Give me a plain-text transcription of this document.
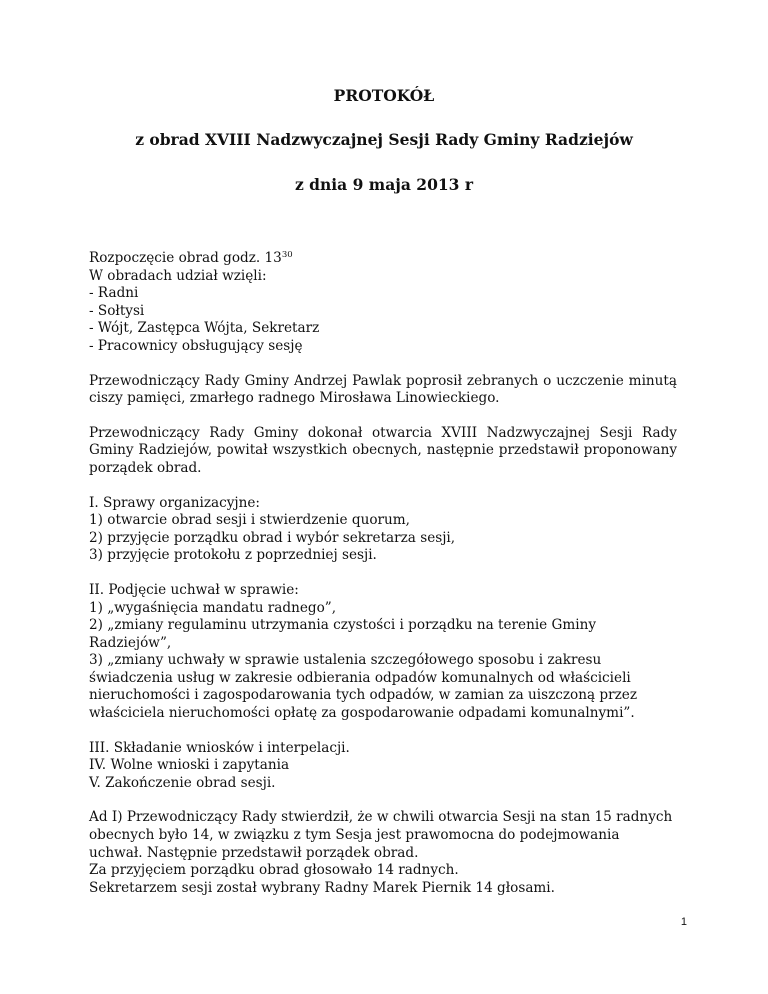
PROTOKÓŁ
z obrad XVIII Nadzwyczajnej Sesji Rady Gminy Radziejów
z dnia 9 maja 2013 r
Rozpoczęcie obrad godz. $13^{30}$
W obradach udział wzięli:
- Radni
- Sołtysi
- Wójt, Zastępca Wójta, Sekretarz
- Pracownicy obsługujący sesję
Przewodniczący Rady Gminy Andrzej Pawlak poprosił zebranych o uczczenie minutą ciszy pamięci, zmarłego radnego Mirosława Linowieckiego.
Przewodniczący Rady Gminy dokonał otwarcia XVIII Nadzwyczajnej Sesji Rady Gminy Radziejów, powitał wszystkich obecnych, następnie przedstawił proponowany porządek obrad.
I. Sprawy organizacyjne:
1) otwarcie obrad sesji i stwierdzenie quorum,
2) przyjęcie porządku obrad i wybór sekretarza sesji,
3) przyjęcie protokołu z poprzedniej sesji.
II. Podjęcie uchwał w sprawie:
1) „wygaśnięcia mandatu radnego”,
2) „zmiany regulaminu utrzymania czystości i porządku na terenie Gminy Radziejów”,
3) „zmiany uchwały w sprawie ustalenia szczegółowego sposobu i zakresu świadczenia usług w zakresie odbierania odpadów komunalnych od właścicieli nieruchomości i zagospodarowania tych odpadów, w zamian za uiszczoną przez właściciela nieruchomości opłatę za gospodarowanie odpadami komunalnymi”.
III. Składanie wniosków i interpelacji.
IV. Wolne wnioski i zapytania
V. Zakończenie obrad sesji.
Ad I) Przewodniczący Rady stwierdził, że w chwili otwarcia Sesji na stan 15 radnych obecnych było 14, w związku z tym Sesja jest prawomocna do podejmowania uchwał. Następnie przedstawił porządek obrad.
Za przyjęciem porządku obrad głosowało 14 radnych.
Sekretarzem sesji został wybrany Radny Marek Piernik 14 głosami.
1
